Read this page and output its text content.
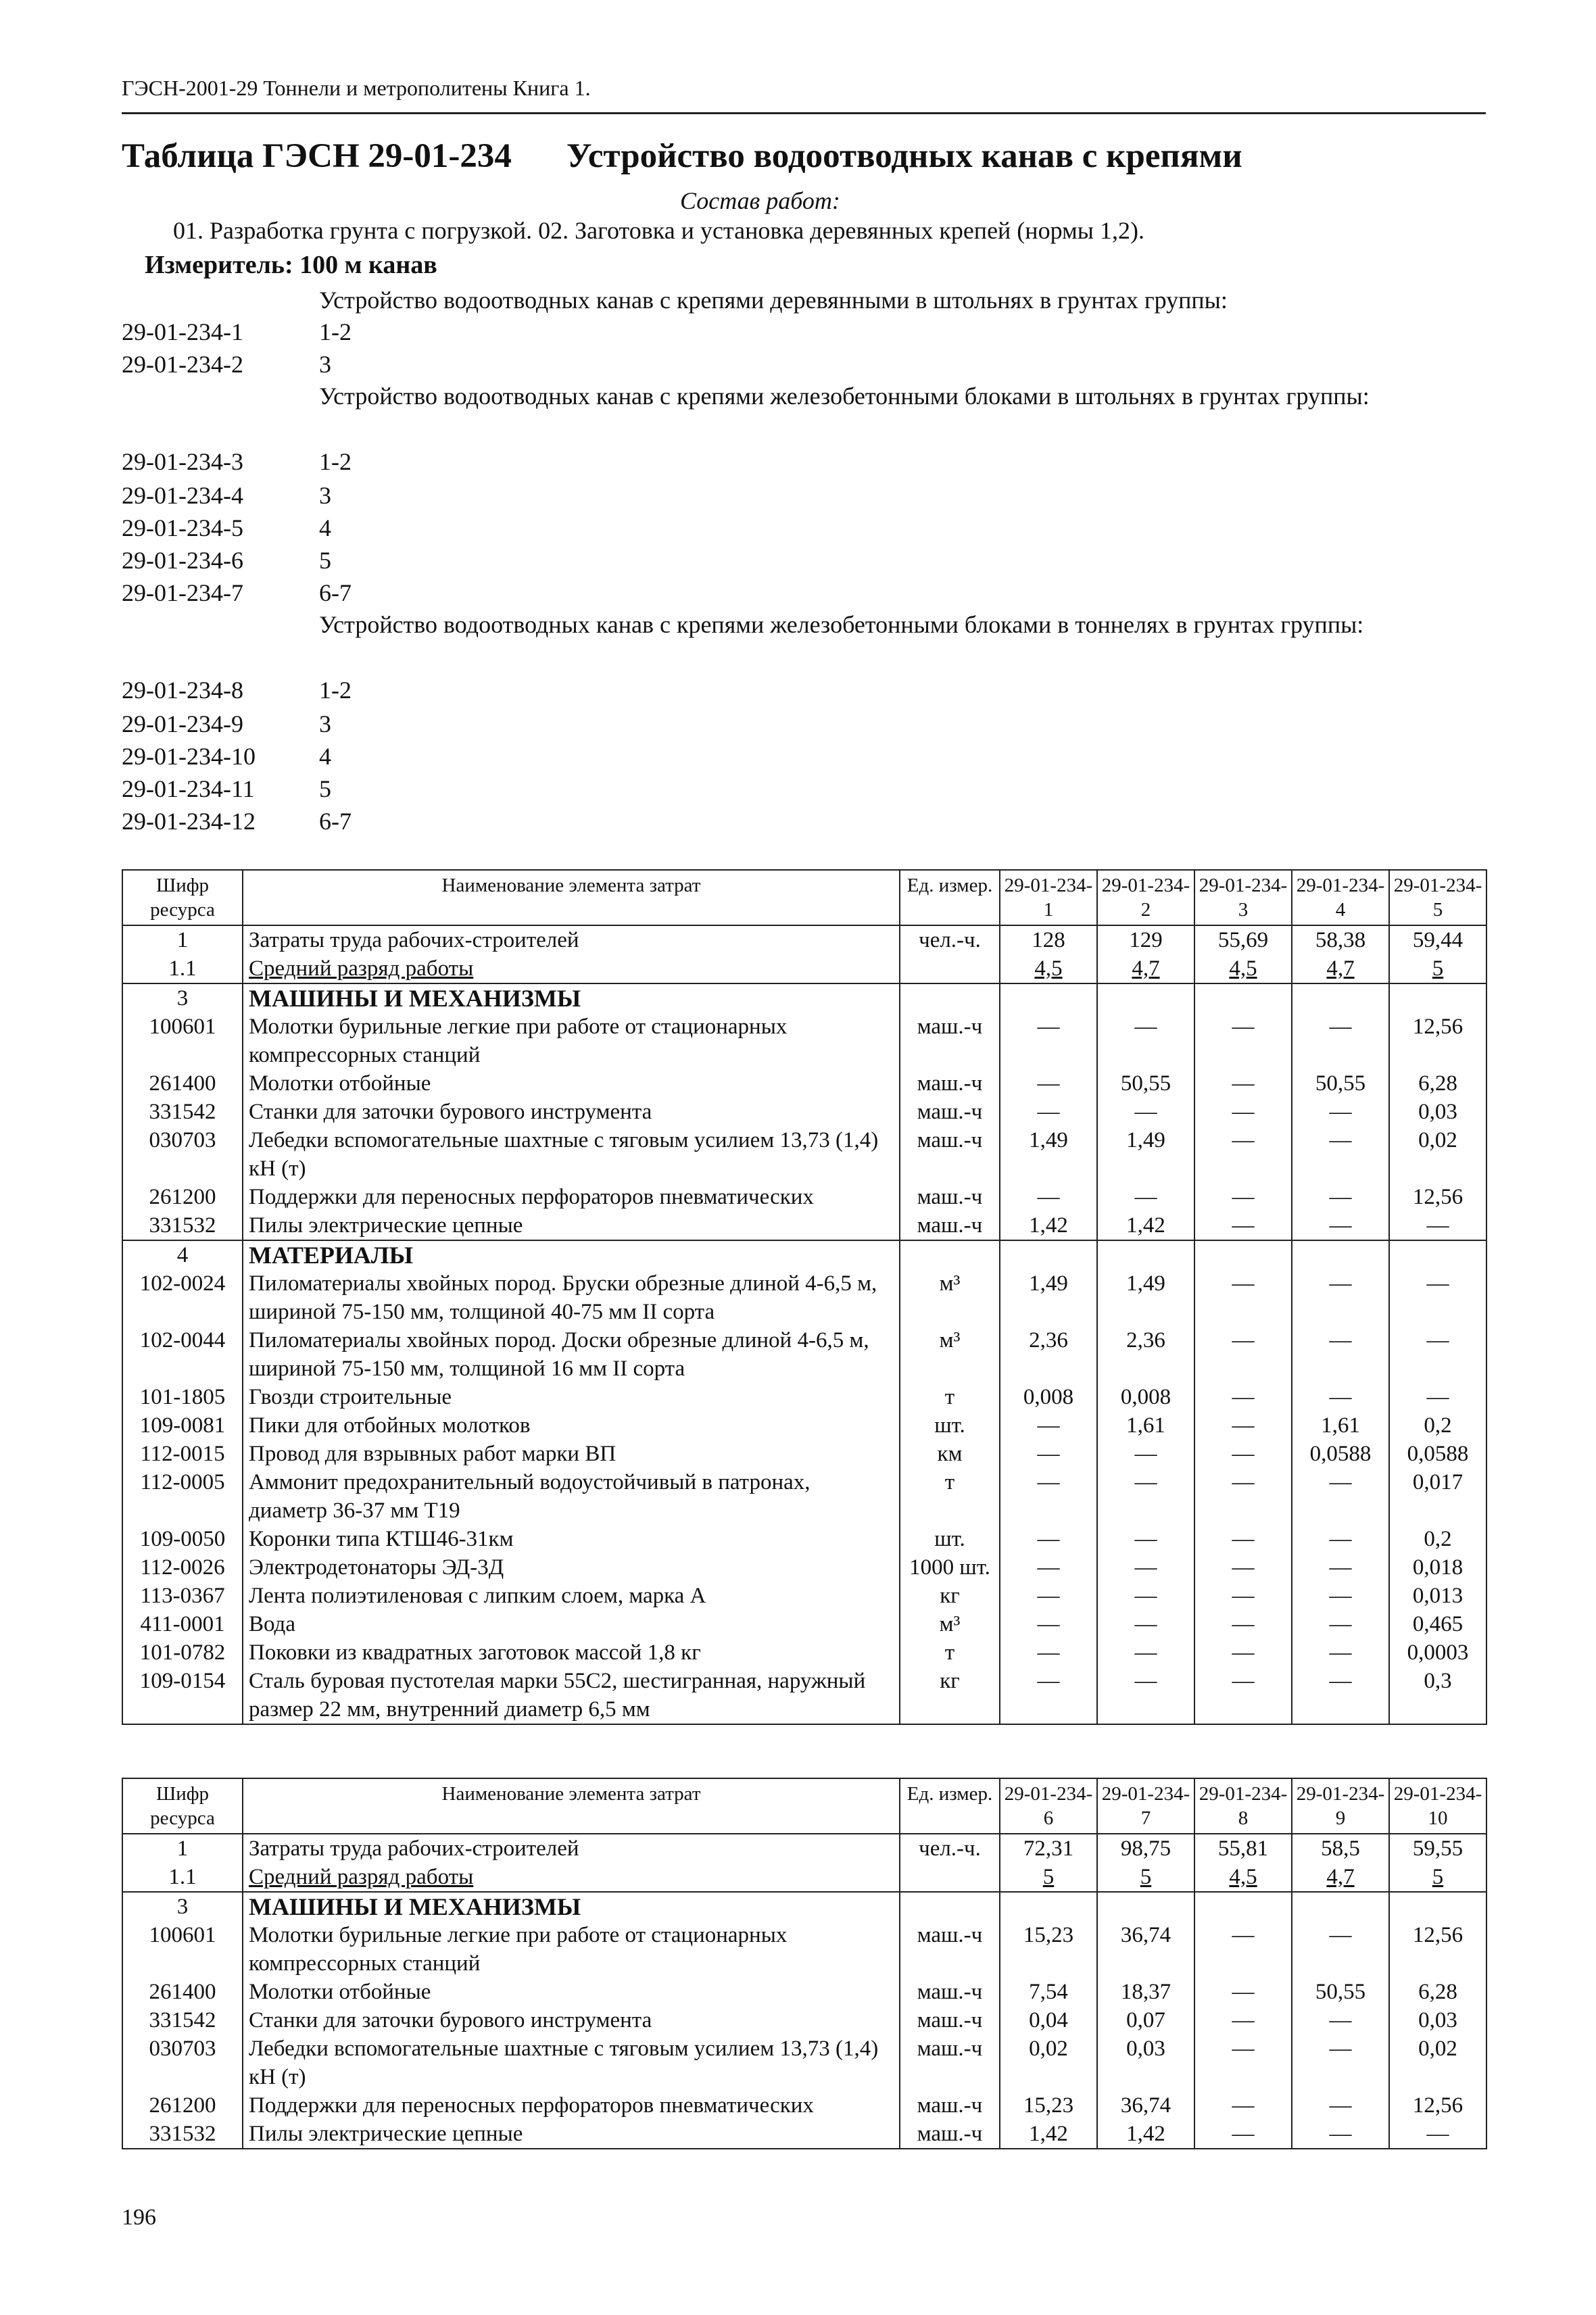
ГЭСН-2001-29 Тоннели и метрополитены Книга 1.
Таблица ГЭСН 29-01-234 Устройство водоотводных канав с крепями
Состав работ:
01. Разработка грунта с погрузкой. 02. Заготовка и установка деревянных крепей (нормы 1,2).
Измеритель: 100 м канав
Устройство водоотводных канав с крепями деревянными в штольнях в грунтах группы:
29-01-234-1	1-2
29-01-234-2	3
Устройство водоотводных канав с крепями железобетонными блоками в штольнях в грунтах группы:
29-01-234-3	1-2
29-01-234-4	3
29-01-234-5	4
29-01-234-6	5
29-01-234-7	6-7
Устройство водоотводных канав с крепями железобетонными блоками в тоннелях в грунтах группы:
29-01-234-8	1-2
29-01-234-9	3
29-01-234-10	4
29-01-234-11	5
29-01-234-12	6-7
Шифр ресурса	Наименование элемента затрат	Ед. измер.	29-01-234-1	29-01-234-2	29-01-234-3	29-01-234-4	29-01-234-5
1	Затраты труда рабочих-строителей	чел.-ч.	128	129	55,69	58,38	59,44
1.1	Средний разряд работы		4,5	4,7	4,5	4,7	5
3	МАШИНЫ И МЕХАНИЗМЫ						
100601	Молотки бурильные легкие при работе от стационарных компрессорных станций	маш.-ч	—	—	—	—	12,56
261400	Молотки отбойные	маш.-ч	—	50,55	—	50,55	6,28
331542	Станки для заточки бурового инструмента	маш.-ч	—	—	—	—	0,03
030703	Лебедки вспомогательные шахтные с тяговым усилием 13,73 (1,4) кН (т)	маш.-ч	1,49	1,49	—	—	0,02
261200	Поддержки для переносных перфораторов пневматических	маш.-ч	—	—	—	—	12,56
331532	Пилы электрические цепные	маш.-ч	1,42	1,42	—	—	—
4	МАТЕРИАЛЫ						
102-0024	Пиломатериалы хвойных пород. Бруски обрезные длиной 4-6,5 м, шириной 75-150 мм, толщиной 40-75 мм II сорта	м³	1,49	1,49	—	—	—
102-0044	Пиломатериалы хвойных пород. Доски обрезные длиной 4-6,5 м, шириной 75-150 мм, толщиной 16 мм II сорта	м³	2,36	2,36	—	—	—
101-1805	Гвозди строительные	т	0,008	0,008	—	—	—
109-0081	Пики для отбойных молотков	шт.	—	1,61	—	1,61	0,2
112-0015	Провод для взрывных работ марки ВП	км	—	—	—	0,0588	0,0588
112-0005	Аммонит предохранительный водоустойчивый в патронах, диаметр 36-37 мм Т19	т	—	—	—	—	0,017
109-0050	Коронки типа КТШ46-31км	шт.	—	—	—	—	0,2
112-0026	Электродетонаторы ЭД-3Д	1000 шт.	—	—	—	—	0,018
113-0367	Лента полиэтиленовая с липким слоем, марка А	кг	—	—	—	—	0,013
411-0001	Вода	м³	—	—	—	—	0,465
101-0782	Поковки из квадратных заготовок массой 1,8 кг	т	—	—	—	—	0,0003
109-0154	Сталь буровая пустотелая марки 55С2, шестигранная, наружный размер 22 мм, внутренний диаметр 6,5 мм	кг	—	—	—	—	0,3
Шифр ресурса	Наименование элемента затрат	Ед. измер.	29-01-234-6	29-01-234-7	29-01-234-8	29-01-234-9	29-01-234-10
1	Затраты труда рабочих-строителей	чел.-ч.	72,31	98,75	55,81	58,5	59,55
1.1	Средний разряд работы		5	5	4,5	4,7	5
3	МАШИНЫ И МЕХАНИЗМЫ						
100601	Молотки бурильные легкие при работе от стационарных компрессорных станций	маш.-ч	15,23	36,74	—	—	12,56
261400	Молотки отбойные	маш.-ч	7,54	18,37	—	50,55	6,28
331542	Станки для заточки бурового инструмента	маш.-ч	0,04	0,07	—	—	0,03
030703	Лебедки вспомогательные шахтные с тяговым усилием 13,73 (1,4) кН (т)	маш.-ч	0,02	0,03	—	—	0,02
261200	Поддержки для переносных перфораторов пневматических	маш.-ч	15,23	36,74	—	—	12,56
331532	Пилы электрические цепные	маш.-ч	1,42	1,42	—	—	—
196
